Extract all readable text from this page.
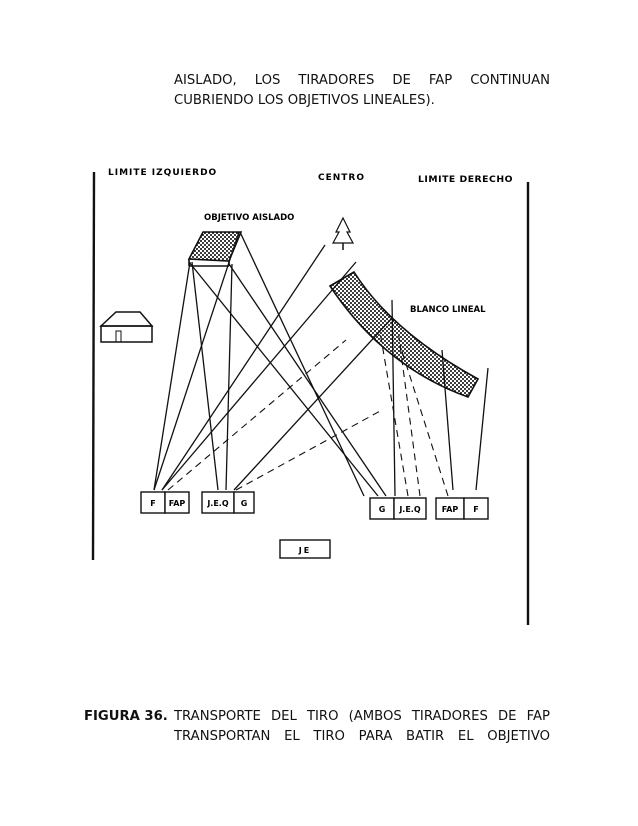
AISLADO, LOS TIRADORES DE FAP CONTINUAN

CUBRIENDO LOS OBJETIVOS LINEALES).

LIMITE IZQUIERDO	CENTRO	LIMITE DERECHO
OBJETIVO AISLADO
BLANCO LINEAL
F FAP	J.E.Q G
G J.E.Q	FAP F
JE
FIGURA 36. TRANSPORTE DEL TIRO (AMBOS TIRADORES DE FAP

TRANSPORTAN EL TIRO PARA BATIR EL OBJETIVO
